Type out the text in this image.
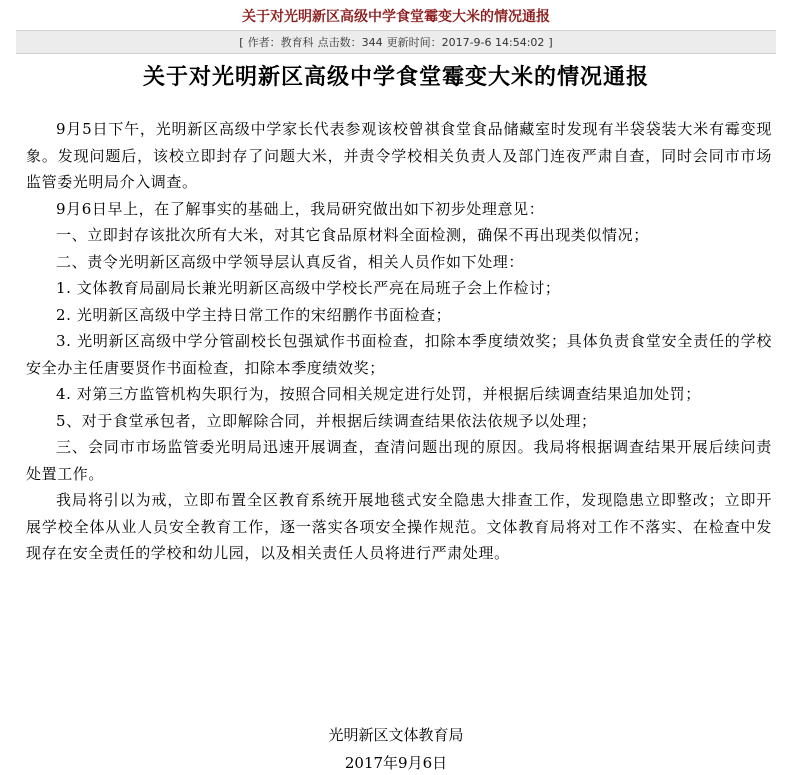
关于对光明新区高级中学食堂霉变大米的情况通报
[ 作者：教育科 点击数：344 更新时间：2017-9-6 14:54:02 ]
关于对光明新区高级中学食堂霉变大米的情况通报

9月5日下午，光明新区高级中学家长代表参观该校曾祺食堂食品储藏室时发现有半袋袋装大米有霉变现象。发现问题后，该校立即封存了问题大米，并责令学校相关负责人及部门连夜严肃自查，同时会同市市场监管委光明局介入调查。

9月6日早上，在了解事实的基础上，我局研究做出如下初步处理意见：

一、立即封存该批次所有大米，对其它食品原材料全面检测，确保不再出现类似情况；

二、责令光明新区高级中学领导层认真反省，相关人员作如下处理：

1. 文体教育局副局长兼光明新区高级中学校长严亮在局班子会上作检讨；

2. 光明新区高级中学主持日常工作的宋绍鹏作书面检查；

3. 光明新区高级中学分管副校长包强斌作书面检查，扣除本季度绩效奖；具体负责食堂安全责任的学校安全办主任唐要贤作书面检查，扣除本季度绩效奖；

4. 对第三方监管机构失职行为，按照合同相关规定进行处罚，并根据后续调查结果追加处罚；

5、对于食堂承包者，立即解除合同，并根据后续调查结果依法依规予以处理；

三、会同市市场监管委光明局迅速开展调查，查清问题出现的原因。我局将根据调查结果开展后续问责处置工作。

我局将引以为戒，立即布置全区教育系统开展地毯式安全隐患大排查工作，发现隐患立即整改；立即开展学校全体从业人员安全教育工作，逐一落实各项安全操作规范。文体教育局将对工作不落实、在检查中发现存在安全责任的学校和幼儿园，以及相关责任人员将进行严肃处理。

光明新区文体教育局
2017年9月6日
